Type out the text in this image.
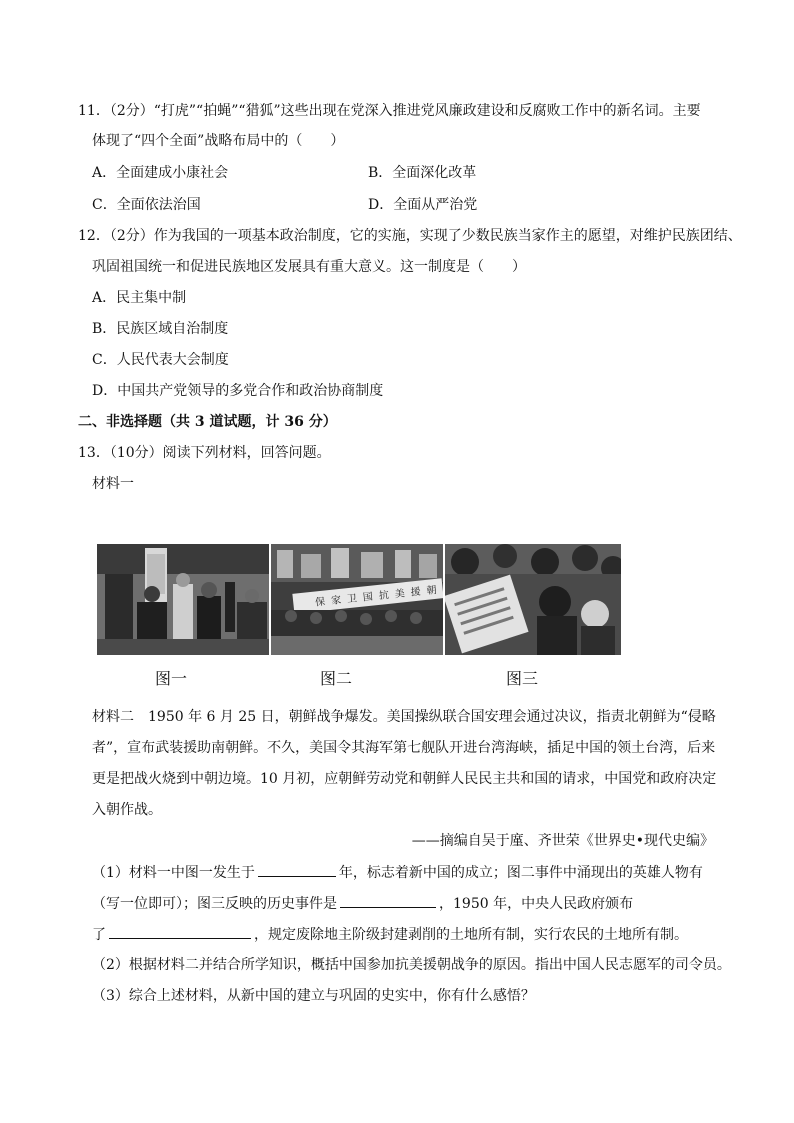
11．（2分）“打虎”“拍蝇”“猎狐”这些出现在党深入推进党风廉政建设和反腐败工作中的新名词。主要
体现了“四个全面”战略布局中的（　　）
A．全面建成小康社会	B．全面深化改革
C．全面依法治国	D．全面从严治党
12．（2分）作为我国的一项基本政治制度，它的实施，实现了少数民族当家作主的愿望，对维护民族团结、
巩固祖国统一和促进民族地区发展具有重大意义。这一制度是（　　）
A．民主集中制
B．民族区域自治制度
C．人民代表大会制度
D．中国共产党领导的多党合作和政治协商制度
二、非选择题（共 3 道试题，计 36 分）
13．（10分）阅读下列材料，回答问题。
材料一
保家卫国抗美援朝
图一	图二	图三
材料二　1950 年 6 月 25 日，朝鲜战争爆发。美国操纵联合国安理会通过决议，指责北朝鲜为“侵略
者”，宣布武装援助南朝鲜。不久，美国令其海军第七舰队开进台湾海峡，插足中国的领土台湾，后来
更是把战火烧到中朝边境。10 月初，应朝鲜劳动党和朝鲜人民民主共和国的请求，中国党和政府决定
入朝作战。
——摘编自吴于廑、齐世荣《世界史•现代史编》
（1）材料一中图一发生于	年，标志着新中国的成立；图二事件中涌现出的英雄人物有
（写一位即可）；图三反映的历史事件是	，1950 年，中央人民政府颁布
了	，规定废除地主阶级封建剥削的土地所有制，实行农民的土地所有制。
（2）根据材料二并结合所学知识，概括中国参加抗美援朝战争的原因。指出中国人民志愿军的司令员。
（3）综合上述材料，从新中国的建立与巩固的史实中，你有什么感悟？
